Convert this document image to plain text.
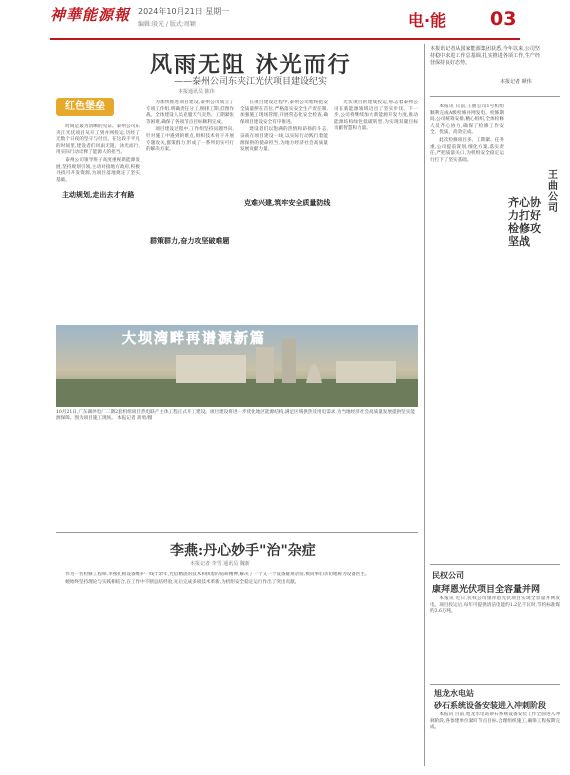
神華能源報 2024年10月21日 星期一
编辑:殷光 / 版式:周颖	电·能 03
风雨无阻 沐光而行
——泰州公司东夹江光伏项目建设纪实
本报通讯员 陈伟
红色堡垒
主动规划,走出去才有路
群策群力,奋力攻坚破难题
克难兴建,筑牢安全质量防线

时间是最为清晰的见证。泰州公司东夹江光伏项目从开工到并网投运,历经了无数个日夜的坚守与付出。在这段不平凡的时间里,建设者们风雨无阻、沐光而行,用实际行动诠释了能源人的担当。

泰州公司领导班子高度重视新能源发展,坚持规划引领,主动对接地方政府,积极寻找可开发资源,为项目落地奠定了坚实基础。

为加快推进项目建设,泰州公司成立了专项工作组,明确责任分工,倒排工期,挂图作战。全体建设人员克服天气炎热、工期紧张等困难,确保了各项节点目标顺利完成。

项目建设过程中,工作组坚持问题导向,针对施工中遇到的难点,组织技术骨干开展专题攻关,群策群力,形成了一系列切实可行的解决方案。

在项目建设过程中,泰州公司始终把安全质量摆在首位,严格落实安全生产责任制,加强施工现场管理,开展常态化安全检查,确保项目建设安全有序推进。

建设者们以饱满的热情和昂扬的斗志,奋战在项目建设一线,以实际行动践行着能源保供的使命担当,为地方经济社会高质量发展贡献力量。

光伏项目的建成投运,标志着泰州公司在新能源领域迈出了坚实步伐。下一步,公司将继续加大新能源开发力度,推动能源结构绿色低碳转型,为实现双碳目标贡献智慧和力量。

大坝湾畔再谱源新篇
10月21日,广东湖坪电厂二期2套机组项目热电联产主体工程正式开工建设。项目建设将进一步优化地区能源结构,满足区域供热及用电需求,为当地经济社会高质量发展提供坚实能源保障。图为项目施工现场。 本报记者 蒋勇/摄
李燕:丹心妙手"治"杂症
本报记者 李雪 通讯员 魏新

作为一名检修工程师,李燕扎根设备维护一线十余年,凭借精湛的技术和执着的钻研精神,解决了一个又一个设备疑难杂症,被同事们亲切地称为设备医生。

她始终坚持理论与实践相结合,在工作中不断总结经验,先后完成多项技术革新,为机组安全稳定运行作出了突出贡献。

本报讯记者从国家能源集团获悉,今年以来,公司坚持稳中求进工作总基调,扎实推进各项工作,生产经营保持良好态势。
本报记者 颜伟
王曲公司
齐心协力打好检修攻坚战

本报讯 日前,王曲公司1号机组顺利完成A级检修并网发电。检修期间,公司统筹安排,精心组织,全体检修人员齐心协力,确保了检修工作安全、优质、高效完成。

此次检修项目多、工期紧、任务重,公司提前谋划,细化方案,落实责任,严把质量关口,为机组安全稳定运行打下了坚实基础。

民权公司
康拜恩光伏项目全容量并网

本报讯 近日,民权公司康拜恩光伏项目实现全容量并网发电。项目投运后,每年可提供清洁电能约1.2亿千瓦时,节约标准煤约3.6万吨。

旭龙水电站
砂石系统设备安装进入冲刺阶段

本报讯 目前,旭龙水电站砂石系统设备安装工作全面进入冲刺阶段,各参建单位紧盯节点目标,合理组织施工,确保工程按期完成。
